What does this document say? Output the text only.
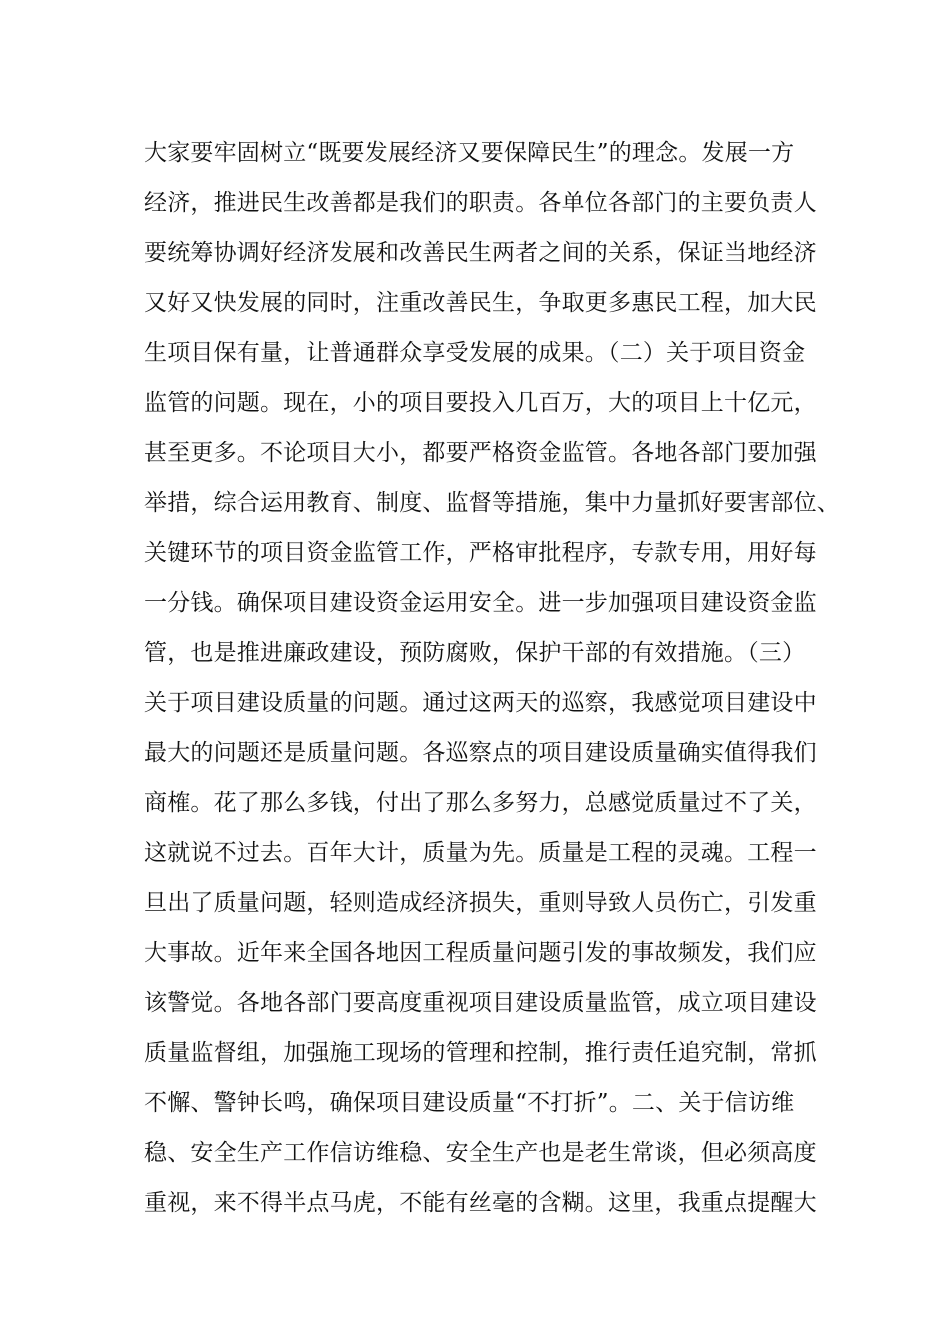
大家要牢固树立“既要发展经济又要保障民生”的理念。发展一方
经济，推进民生改善都是我们的职责。各单位各部门的主要负责人
要统筹协调好经济发展和改善民生两者之间的关系，保证当地经济
又好又快发展的同时，注重改善民生，争取更多惠民工程，加大民
生项目保有量，让普通群众享受发展的成果。（二）关于项目资金
监管的问题。现在，小的项目要投入几百万，大的项目上十亿元，
甚至更多。不论项目大小，都要严格资金监管。各地各部门要加强
举措，综合运用教育、制度、监督等措施，集中力量抓好要害部位、
关键环节的项目资金监管工作，严格审批程序，专款专用，用好每
一分钱。确保项目建设资金运用安全。进一步加强项目建设资金监
管，也是推进廉政建设，预防腐败，保护干部的有效措施。（三）
关于项目建设质量的问题。通过这两天的巡察，我感觉项目建设中
最大的问题还是质量问题。各巡察点的项目建设质量确实值得我们
商榷。花了那么多钱，付出了那么多努力，总感觉质量过不了关，
这就说不过去。百年大计，质量为先。质量是工程的灵魂。工程一
旦出了质量问题，轻则造成经济损失，重则导致人员伤亡，引发重
大事故。近年来全国各地因工程质量问题引发的事故频发，我们应
该警觉。各地各部门要高度重视项目建设质量监管，成立项目建设
质量监督组，加强施工现场的管理和控制，推行责任追究制，常抓
不懈、警钟长鸣，确保项目建设质量“不打折”。二、关于信访维
稳、安全生产工作信访维稳、安全生产也是老生常谈，但必须高度
重视，来不得半点马虎，不能有丝毫的含糊。这里，我重点提醒大
